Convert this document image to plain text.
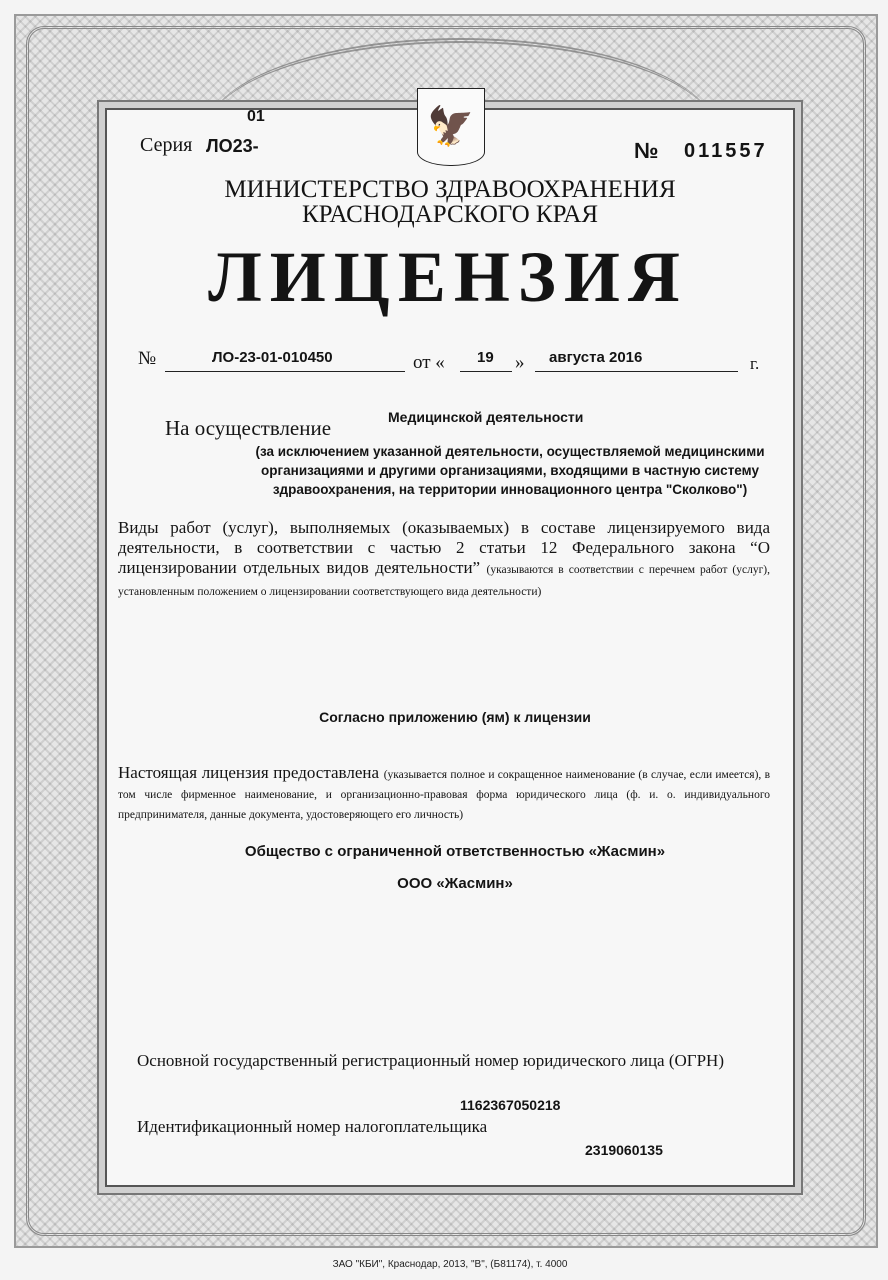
🦅
01
Серия ЛО23-	№ 011557
МИНИСТЕРСТВО ЗДРАВООХРАНЕНИЯ
КРАСНОДАРСКОГО КРАЯ
ЛИЦЕНЗИЯ
№	ЛО-23-01-010450	от « 19 » августа 2016	г.
Медицинской деятельности
На осуществление
(за исключением указанной деятельности, осуществляемой медицинскими
организациями и другими организациями, входящими в частную систему
здравоохранения, на территории инновационного центра "Сколково")
Виды работ (услуг), выполняемых (оказываемых) в составе лицензируемого вида деятельности, в соответствии с частью 2 статьи 12 Федерального закона “О лицензировании отдельных видов деятельности” (указываются в соответствии с перечнем работ (услуг), установленным положением о лицензировании соответствующего вида деятельности)
Согласно приложению (ям) к лицензии
Настоящая лицензия предоставлена (указывается полное и сокращенное наименование (в случае, если имеется), в том числе фирменное наименование, и организационно-правовая форма юридического лица (ф. и. о. индивидуального предпринимателя, данные документа, удостоверяющего его личность)
Общество с ограниченной ответственностью «Жасмин»
ООО «Жасмин»
Основной государственный регистрационный номер юридического лица (ОГРН)
1162367050218
Идентификационный номер налогоплательщика
2319060135
ЗАО "КБИ", Краснодар, 2013, "В", (Б81174), т. 4000
